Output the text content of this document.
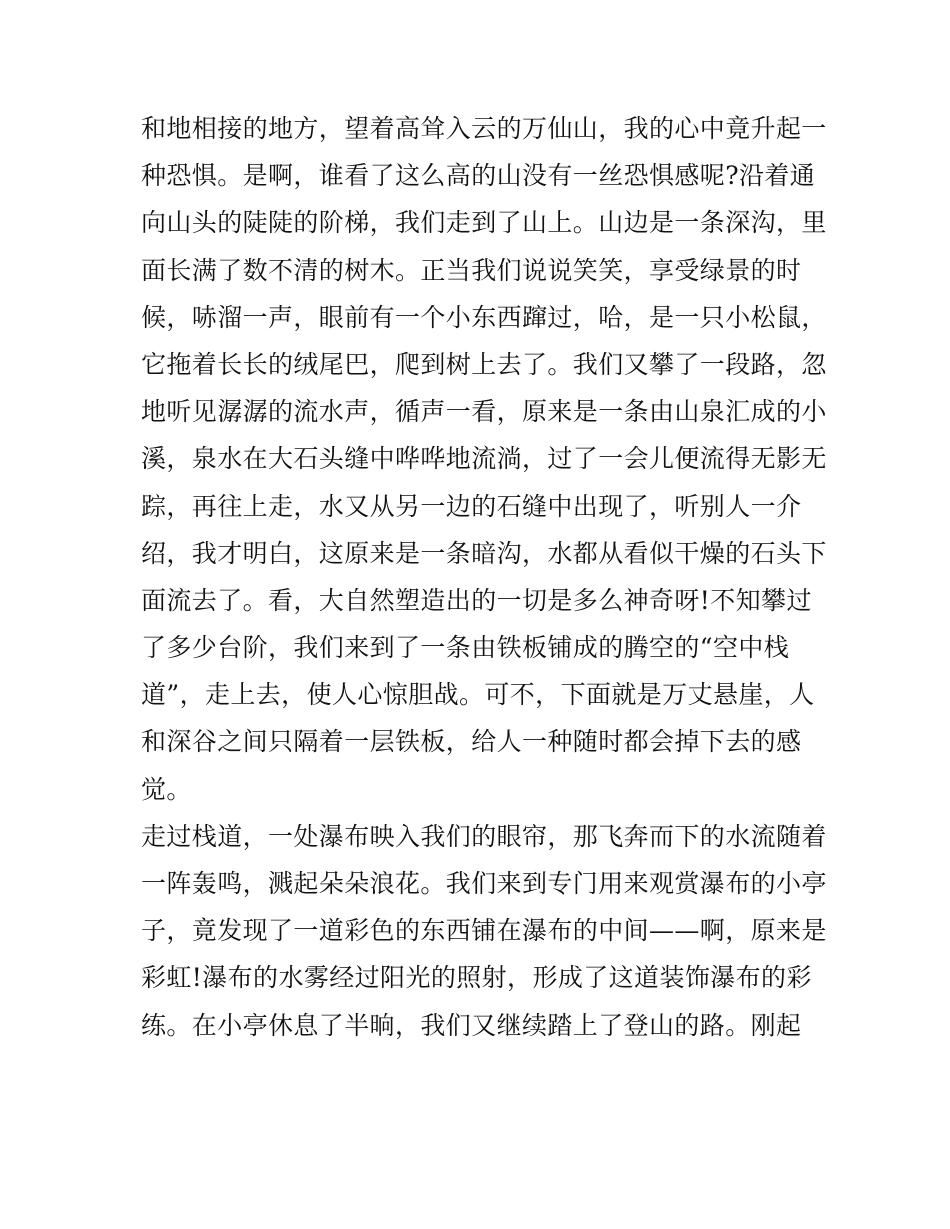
和地相接的地方，望着高耸入云的万仙山，我的心中竟升起一
种恐惧。是啊，谁看了这么高的山没有一丝恐惧感呢?沿着通
向山头的陡陡的阶梯，我们走到了山上。山边是一条深沟，里
面长满了数不清的树木。正当我们说说笑笑，享受绿景的时
候，哧溜一声，眼前有一个小东西蹿过，哈，是一只小松鼠，
它拖着长长的绒尾巴，爬到树上去了。我们又攀了一段路，忽
地听见潺潺的流水声，循声一看，原来是一条由山泉汇成的小
溪，泉水在大石头缝中哗哗地流淌，过了一会儿便流得无影无
踪，再往上走，水又从另一边的石缝中出现了，听别人一介
绍，我才明白，这原来是一条暗沟，水都从看似干燥的石头下
面流去了。看，大自然塑造出的一切是多么神奇呀!不知攀过
了多少台阶，我们来到了一条由铁板铺成的腾空的“空中栈
道”，走上去，使人心惊胆战。可不，下面就是万丈悬崖，人
和深谷之间只隔着一层铁板，给人一种随时都会掉下去的感
觉。
走过栈道，一处瀑布映入我们的眼帘，那飞奔而下的水流随着
一阵轰鸣，溅起朵朵浪花。我们来到专门用来观赏瀑布的小亭
子，竟发现了一道彩色的东西铺在瀑布的中间——啊，原来是
彩虹!瀑布的水雾经过阳光的照射，形成了这道装饰瀑布的彩
练。在小亭休息了半晌，我们又继续踏上了登山的路。刚起
